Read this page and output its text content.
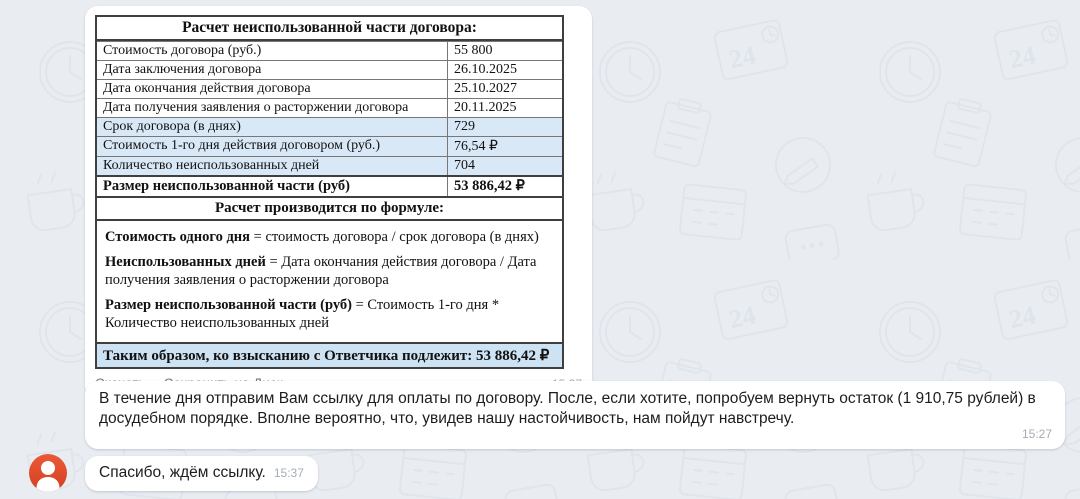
Расчет неиспользованной части договора:
Стоимость договора (руб.)	55 800
Дата заключения договора	26.10.2025
Дата окончания действия договора	25.10.2027
Дата получения заявления о расторжении договора	20.11.2025
Срок договора (в днях)	729
Стоимость 1-го дня действия договором (руб.)	76,54 ₽
Количество неиспользованных дней	704
Размер неиспользованной части (руб)	53 886,42 ₽
Расчет производится по формуле:

Стоимость одного дня = стоимость договора / срок договора (в днях)

Неиспользованных дней = Дата окончания действия договора / Дата получения заявления о расторжении договора

Размер неиспользованной части (руб) = Стоимость 1-го дня * Количество неиспользованных дней

Таким образом, ко взысканию с Ответчика подлежит: 53 886,42 ₽
В течение дня отправим Вам ссылку для оплаты по договору. После, если хотите, попробуем вернуть остаток (1 910,75 рублей) в досудебном порядке. Вполне вероятно, что, увидев нашу настойчивость, нам пойдут навстречу.
15:27
Спасибо, ждём ссылку. 15:37
